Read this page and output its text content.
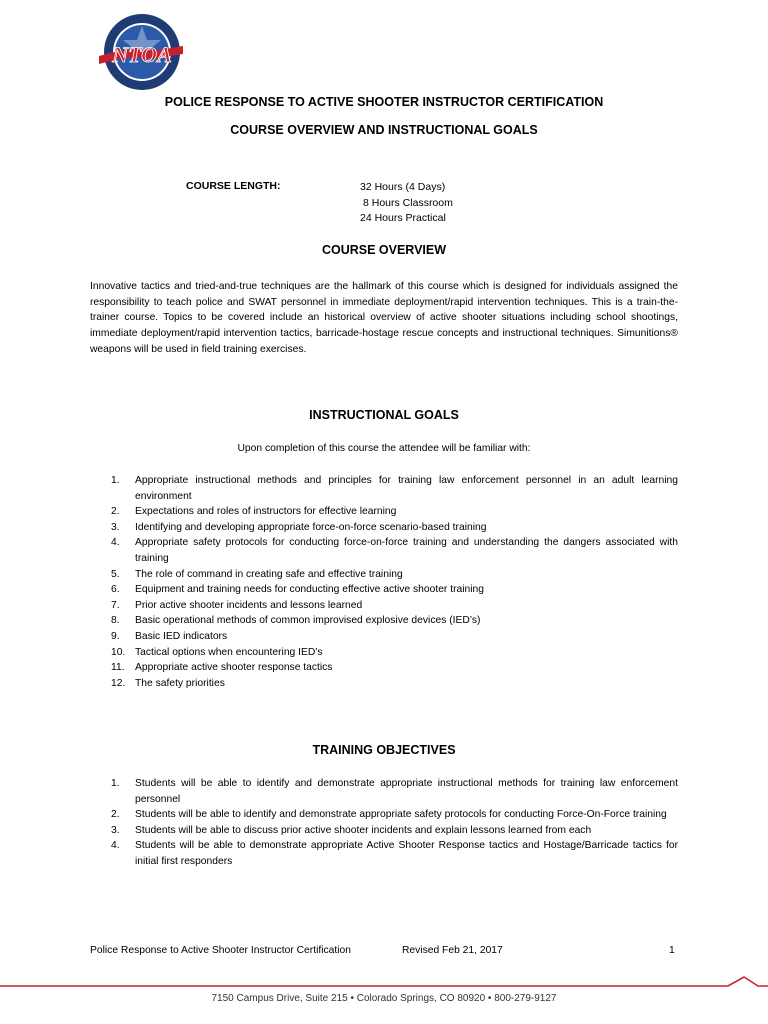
NTOA
POLICE RESPONSE TO ACTIVE SHOOTER INSTRUCTOR CERTIFICATION
COURSE OVERVIEW AND INSTRUCTIONAL GOALS
COURSE LENGTH:	32 Hours (4 Days)
8 Hours Classroom
24 Hours Practical
COURSE OVERVIEW
Innovative tactics and tried-and-true techniques are the hallmark of this course which is designed for individuals assigned the responsibility to teach police and SWAT personnel in immediate deployment/rapid intervention techniques. This is a train-the-trainer course. Topics to be covered include an historical overview of active shooter situations including school shootings, immediate deployment/rapid intervention tactics, barricade-hostage rescue concepts and instructional techniques. Simunitions® weapons will be used in field training exercises.
INSTRUCTIONAL GOALS
Upon completion of this course the attendee will be familiar with:
1. Appropriate instructional methods and principles for training law enforcement personnel in an adult learning environment
2. Expectations and roles of instructors for effective learning
3. Identifying and developing appropriate force-on-force scenario-based training
4. Appropriate safety protocols for conducting force-on-force training and understanding the dangers associated with training
5. The role of command in creating safe and effective training
6. Equipment and training needs for conducting effective active shooter training
7. Prior active shooter incidents and lessons learned
8. Basic operational methods of common improvised explosive devices (IED’s)
9. Basic IED indicators
10. Tactical options when encountering IED’s
11. Appropriate active shooter response tactics
12. The safety priorities
TRAINING OBJECTIVES
1. Students will be able to identify and demonstrate appropriate instructional methods for training law enforcement personnel
2. Students will be able to identify and demonstrate appropriate safety protocols for conducting Force-On-Force training
3. Students will be able to discuss prior active shooter incidents and explain lessons learned from each
4. Students will be able to demonstrate appropriate Active Shooter Response tactics and Hostage/Barricade tactics for initial first responders
Police Response to Active Shooter Instructor Certification	Revised Feb 21, 2017	1
7150 Campus Drive, Suite 215 • Colorado Springs, CO 80920 • 800-279-9127
